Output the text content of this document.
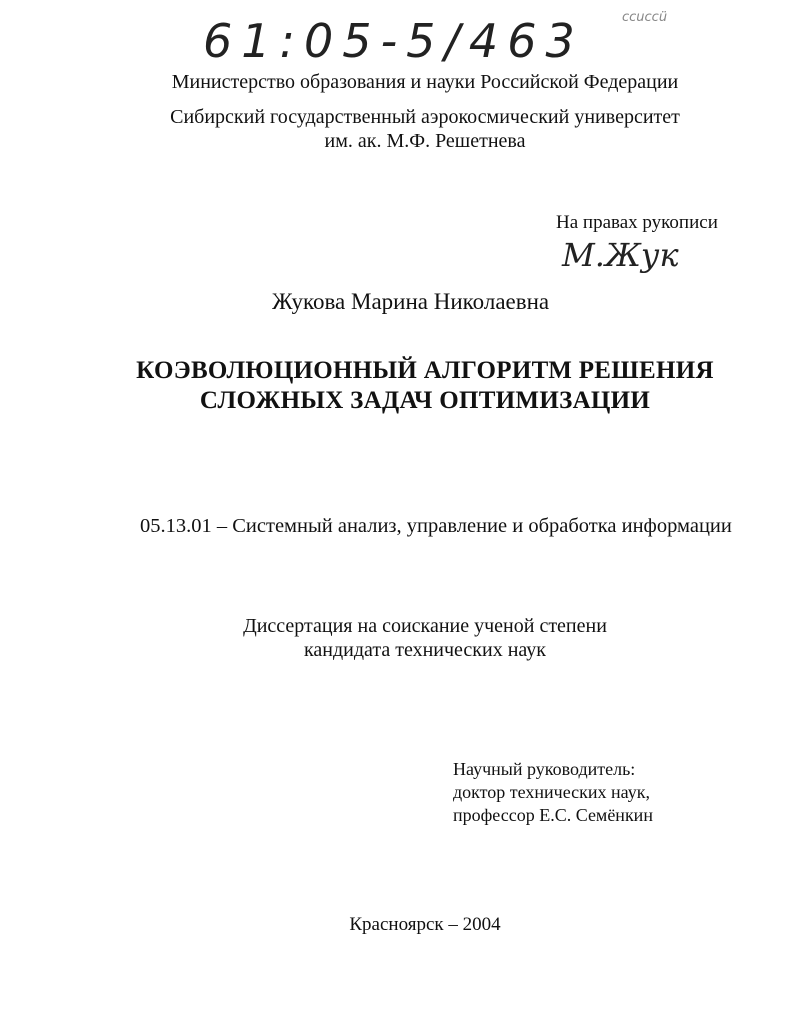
61:05-5/463	ccuccü
Министерство образования и науки Российской Федерации
Сибирский государственный аэрокосмический университет
им. ак. М.Ф. Решетнева
На правах рукописи
М.Жук
Жукова Марина Николаевна
КОЭВОЛЮЦИОННЫЙ АЛГОРИТМ РЕШЕНИЯ
СЛОЖНЫХ ЗАДАЧ ОПТИМИЗАЦИИ
05.13.01 – Системный анализ, управление и обработка информации
Диссертация на соискание ученой степени
кандидата технических наук
Научный руководитель:
доктор технических наук,
профессор Е.С. Семёнкин
Красноярск – 2004
